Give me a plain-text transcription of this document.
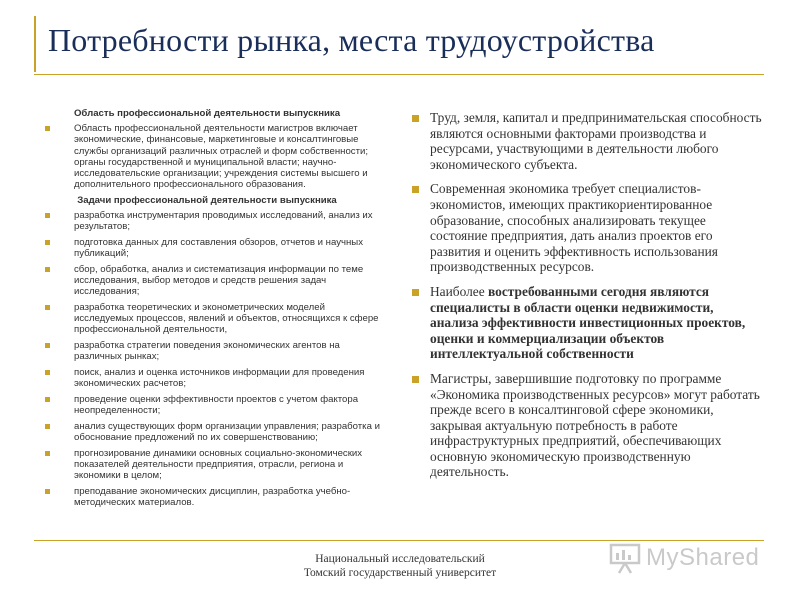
Потребности рынка, места трудоустройства
Область профессиональной деятельности выпускника
Область профессиональной деятельности магистров включает экономические, финансовые, маркетинговые и консалтинговые службы организаций различных отраслей и форм собственности; органы государственной и муниципальной власти; научно-исследовательские организации; учреждения системы высшего и дополнительного профессионального образования.
Задачи профессиональной деятельности выпускника
разработка инструментария проводимых исследований, анализ их результатов;
подготовка данных для составления обзоров, отчетов и научных публикаций;
сбор, обработка, анализ и систематизация информации по теме исследования, выбор методов и средств решения задач исследования;
разработка теоретических и эконометрических моделей исследуемых процессов, явлений и объектов, относящихся к сфере профессиональной деятельности,
разработка стратегии поведения экономических агентов на различных рынках;
поиск, анализ и оценка источников информации для проведения экономических расчетов;
проведение оценки эффективности проектов с учетом фактора неопределенности;
анализ существующих форм организации управления; разработка и обоснование предложений по их совершенствованию;
прогнозирование динамики основных социально-экономических показателей деятельности предприятия, отрасли, региона и экономики в целом;
преподавание экономических дисциплин, разработка учебно- методических материалов.
Труд, земля, капитал и предпринимательская способность являются основными факторами производства и ресурсами, участвующими в деятельности любого экономического субъекта.
Современная экономика требует специалистов-экономистов, имеющих практикориентированное образование, способных анализировать текущее состояние предприятия, дать анализ проектов его развития и оценить эффективность использования производственных ресурсов.
Наиболее востребованными сегодня являются специалисты в области оценки недвижимости, анализа эффективности инвестиционных проектов, оценки и коммерциализации объектов интеллектуальной собственности
Магистры, завершившие подготовку по программе «Экономика производственных ресурсов» могут работать прежде всего в консалтинговой сфере экономики, закрывая актуальную потребность в работе инфраструктурных предприятий, обеспечивающих основную экономическую производственную деятельность.
Национальный исследовательский
Томский государственный университет
MyShared
